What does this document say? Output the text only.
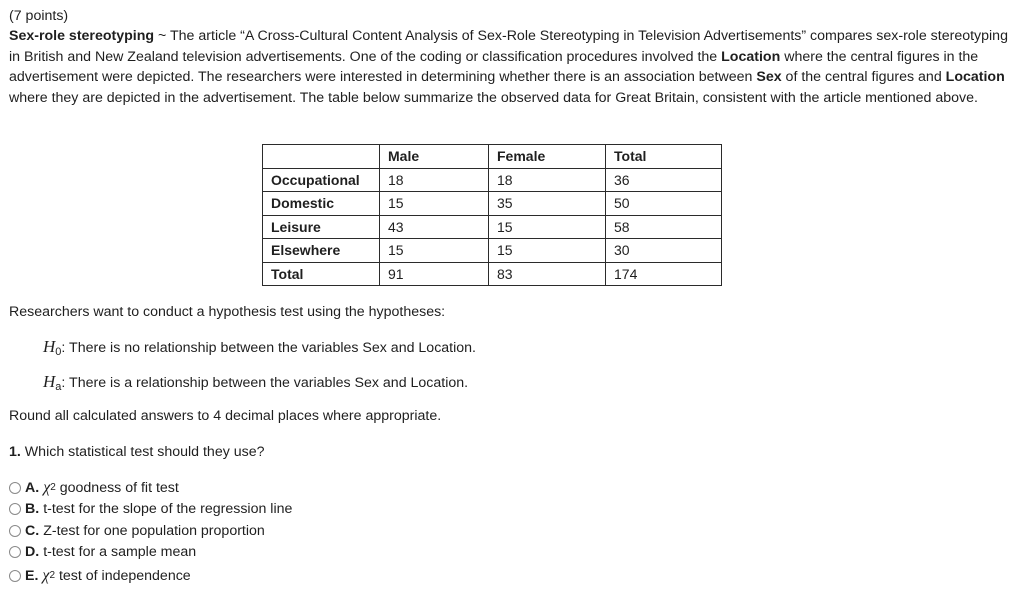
(7 points)
Sex-role stereotyping ~ The article “A Cross-Cultural Content Analysis of Sex-Role Stereotyping in Television Advertisements” compares sex-role stereotyping in British and New Zealand television advertisements. One of the coding or classification procedures involved the Location where the central figures in the advertisement were depicted. The researchers were interested in determining whether there is an association between Sex of the central figures and Location where they are depicted in the advertisement. The table below summarize the observed data for Great Britain, consistent with the article mentioned above.
	Male	Female	Total
Occupational	18	18	36
Domestic	15	35	50
Leisure	43	15	58
Elsewhere	15	15	30
Total	91	83	174
Researchers want to conduct a hypothesis test using the hypotheses:
$H_0$: There is no relationship between the variables Sex and Location.
$H_a$: There is a relationship between the variables Sex and Location.
Round all calculated answers to 4 decimal places where appropriate.
1. Which statistical test should they use?
A. χ 2 goodness of fit test
B. t-test for the slope of the regression line
C. Z-test for one population proportion
D. t-test for a sample mean
E. χ 2 test of independence
